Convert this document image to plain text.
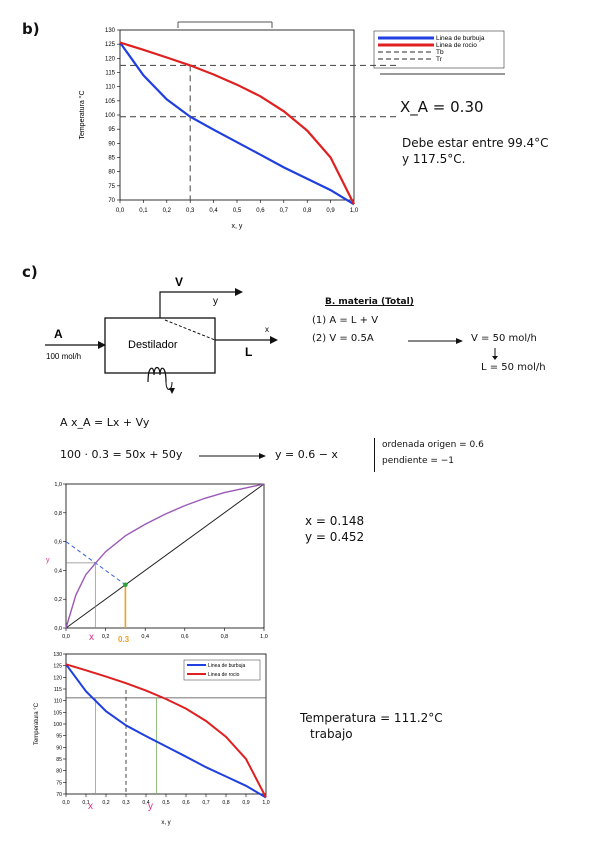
b)
0,0	0,1	0,2	0,3	0,4	0,5	0,6	0,7	0,8	0,9	1,0
70
75
80
85
90
95
100
105
110
115
120
125
130
Temperatura °C
x, y
Linea de burbuja
Linea de rocio
Tb
Tr
X_A = 0.30
Debe estar entre 99.4°C
y 117.5°C.
c)
V
y
x
L
A
100 mol/h
Destilador
B. materia (Total)
(1) A = L + V
(2) V = 0.5A	V = 50 mol/h
L = 50 mol/h
A x_A = Lx + Vy
100 · 0.3 = 50x + 50y	y = 0.6 − x
ordenada origen = 0.6
pendiente = −1
0,0	0,2	0,4	0,6	0,8	1,0
0,0
0,2
0,4
0,6
0,8
1,0
y
x	0.3
x = 0.148
y = 0.452
0,0 0,1 0,2 0,3 0,4 0,5 0,6 0,7 0,8 0,9 1,0
70
75
80
85
90
95
100
105
110
115
120
125
130
Temperatura °C
x, y
Linea de burbuja
Linea de rocio
x	y
Temperatura = 111.2°C
trabajo
